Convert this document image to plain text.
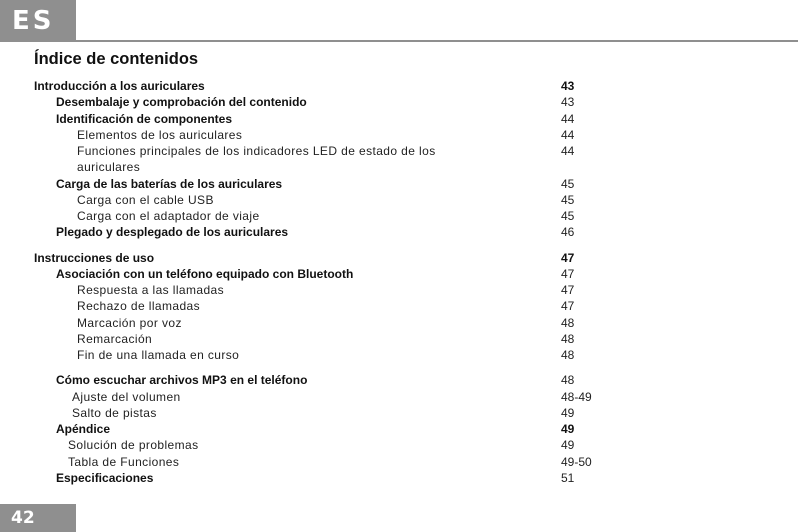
ES
Índice de contenidos
Introducción a los auriculares	43
Desembalaje y comprobación del contenido	43
Identificación de componentes	44
Elementos de los auriculares	44
Funciones principales de los indicadores LED de estado de los	44
auriculares
Carga de las baterías de los auriculares	45
Carga con el cable USB	45
Carga con el adaptador de viaje	45
Plegado y desplegado de los auriculares	46
Instrucciones de uso	47
Asociación con un teléfono equipado con Bluetooth	47
Respuesta a las llamadas	47
Rechazo de llamadas	47
Marcación por voz	48
Remarcación	48
Fin de una llamada en curso	48
Cómo escuchar archivos MP3 en el teléfono	48
Ajuste del volumen	48-49
Salto de pistas	49
Apéndice	49
Solución de problemas	49
Tabla de Funciones	49-50
Especificaciones	51
42
